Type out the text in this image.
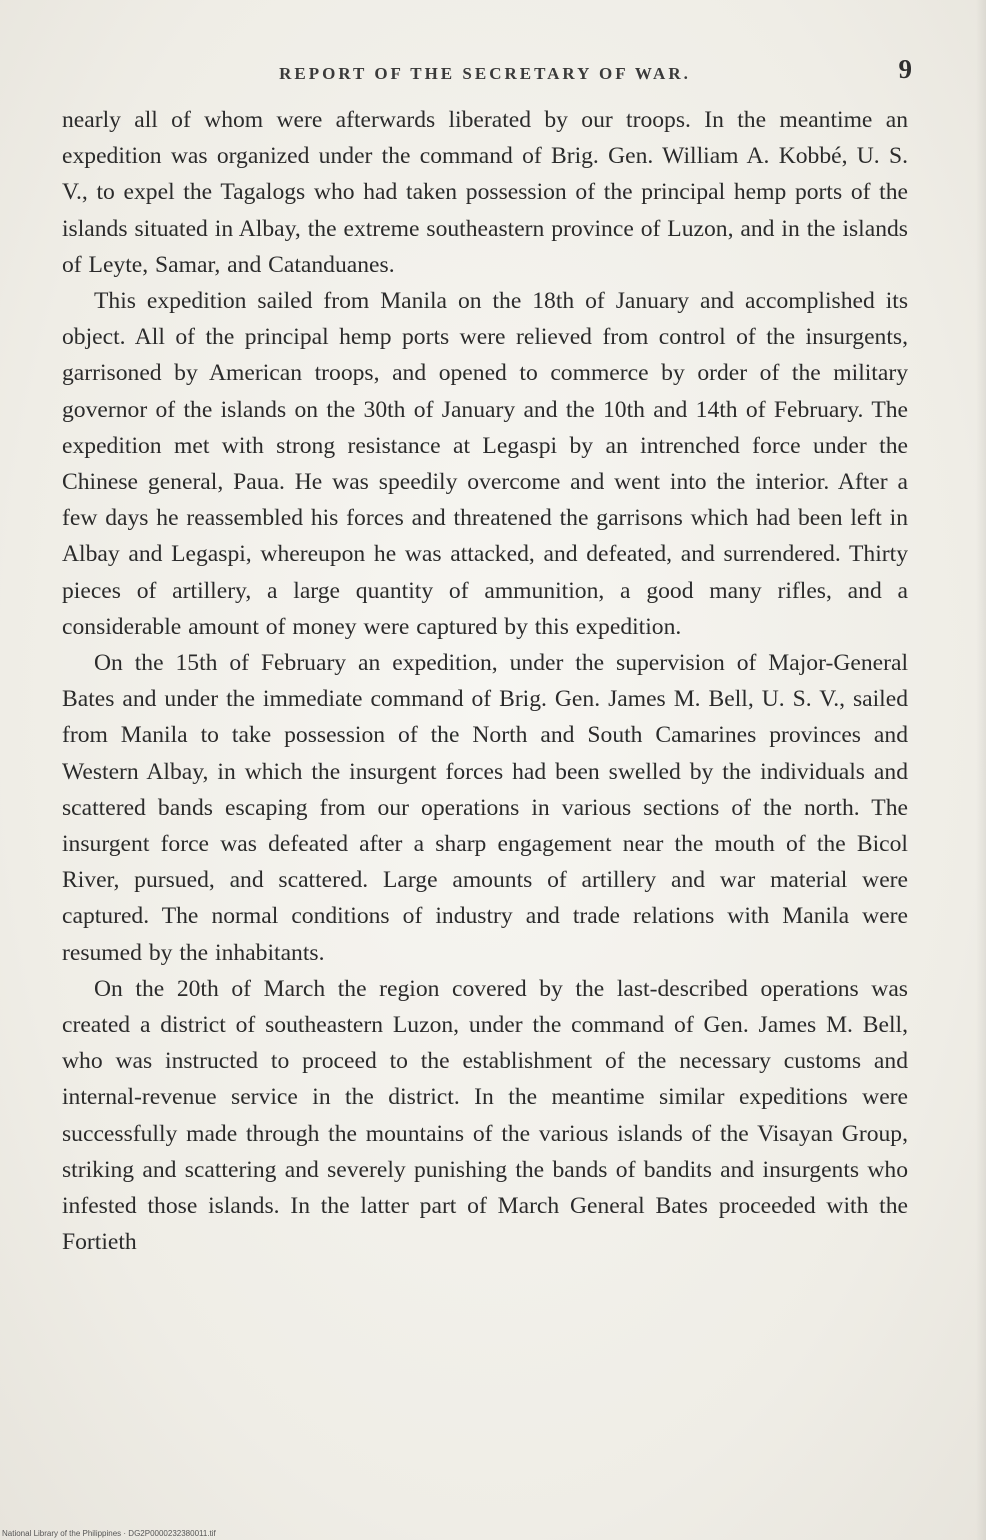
REPORT OF THE SECRETARY OF WAR.	9

nearly all of whom were afterwards liberated by our troops. In the meantime an expedition was organized under the command of Brig. Gen. William A. Kobbé, U. S. V., to expel the Tagalogs who had taken possession of the principal hemp ports of the islands situated in Albay, the extreme southeastern province of Luzon, and in the islands of Leyte, Samar, and Catanduanes.

This expedition sailed from Manila on the 18th of January and accomplished its object. All of the principal hemp ports were relieved from control of the insurgents, garrisoned by American troops, and opened to commerce by order of the military governor of the islands on the 30th of January and the 10th and 14th of February. The expedition met with strong resistance at Legaspi by an intrenched force under the Chinese general, Paua. He was speedily overcome and went into the interior. After a few days he reassembled his forces and threatened the garrisons which had been left in Albay and Legaspi, whereupon he was attacked, and defeated, and surrendered. Thirty pieces of artillery, a large quantity of ammunition, a good many rifles, and a considerable amount of money were captured by this expedition.

On the 15th of February an expedition, under the supervision of Major-General Bates and under the immediate command of Brig. Gen. James M. Bell, U. S. V., sailed from Manila to take possession of the North and South Camarines provinces and Western Albay, in which the insurgent forces had been swelled by the individuals and scattered bands escaping from our operations in various sections of the north. The insurgent force was defeated after a sharp engagement near the mouth of the Bicol River, pursued, and scattered. Large amounts of artillery and war material were captured. The normal conditions of industry and trade relations with Manila were resumed by the inhabitants.

On the 20th of March the region covered by the last-described operations was created a district of southeastern Luzon, under the command of Gen. James M. Bell, who was instructed to proceed to the establishment of the necessary customs and internal-revenue service in the district. In the meantime similar expeditions were successfully made through the mountains of the various islands of the Visayan Group, striking and scattering and severely punishing the bands of bandits and insurgents who infested those islands. In the latter part of March General Bates proceeded with the Fortieth

National Library of the Philippines · DG2P0000232380011.tif
